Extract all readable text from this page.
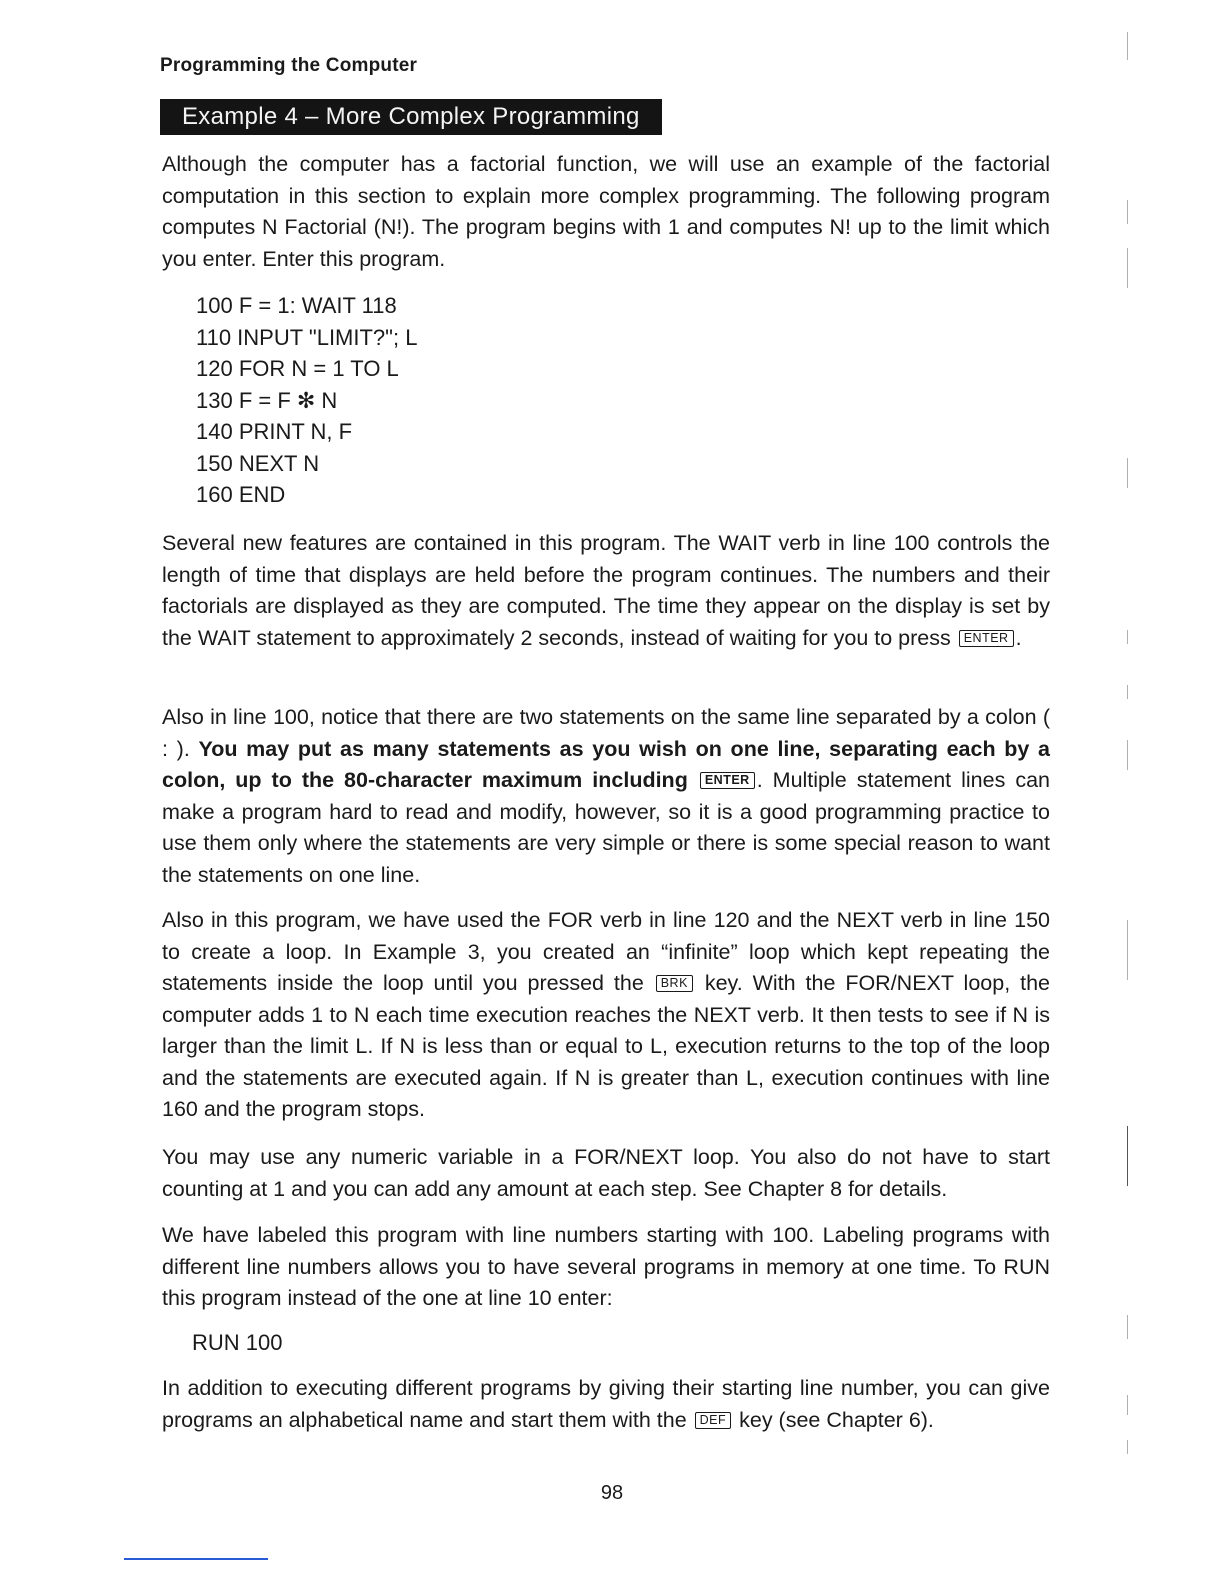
Programming the Computer
Example 4 – More Complex Programming

Although the computer has a factorial function, we will use an example of the factorial computation in this section to explain more complex programming. The following program computes N Factorial (N!). The program begins with 1 and computes N! up to the limit which you enter. Enter this program.

100 F = 1: WAIT 118
110 INPUT "LIMIT?"; L
120 FOR N = 1 TO L
130 F = F ✻ N
140 PRINT N, F
150 NEXT N
160 END

Several new features are contained in this program. The WAIT verb in line 100 controls the length of time that displays are held before the program continues. The numbers and their factorials are displayed as they are computed. The time they appear on the display is set by the WAIT statement to approximately 2 seconds, instead of waiting for you to press ENTER .

Also in line 100, notice that there are two statements on the same line separated by a colon ( : ). You may put as many statements as you wish on one line, separating each by a colon, up to the 80-character maximum including ENTER . Multiple statement lines can make a program hard to read and modify, however, so it is a good programming practice to use them only where the statements are very simple or there is some special reason to want the statements on one line.

Also in this program, we have used the FOR verb in line 120 and the NEXT verb in line 150 to create a loop. In Example 3, you created an “infinite” loop which kept repeating the statements inside the loop until you pressed the BRK key. With the FOR/NEXT loop, the computer adds 1 to N each time execution reaches the NEXT verb. It then tests to see if N is larger than the limit L. If N is less than or equal to L, execution returns to the top of the loop and the statements are executed again. If N is greater than L, execution continues with line 160 and the program stops.

You may use any numeric variable in a FOR/NEXT loop. You also do not have to start counting at 1 and you can add any amount at each step. See Chapter 8 for details.

We have labeled this program with line numbers starting with 100. Labeling programs with different line numbers allows you to have several programs in memory at one time. To RUN this program instead of the one at line 10 enter:

RUN 100

In addition to executing different programs by giving their starting line number, you can give programs an alphabetical name and start them with the DEF key (see Chapter 6).

98
